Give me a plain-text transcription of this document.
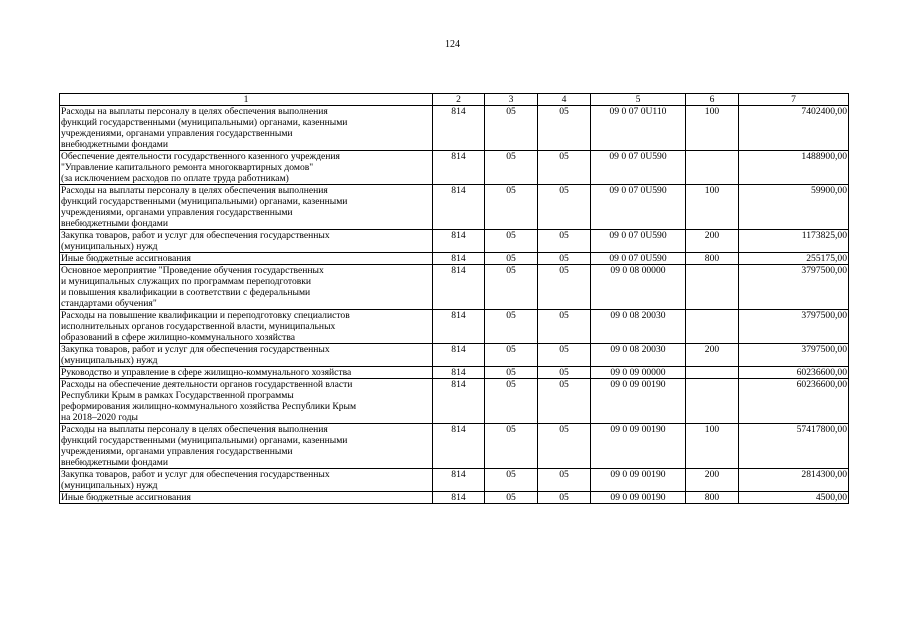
124
1	2	3	4	5	6	7

Расходы на выплаты персоналу в целях обеспечения выполнения
функций государственными (муниципальными) органами, казенными
учреждениями, органами управления государственными
внебюджетными фондами	814	05	05	09 0 07 0U110	100	7402400,00

Обеспечение деятельности государственного казенного учреждения
"Управление капитального ремонта многоквартирных домов"
(за исключением расходов по оплате труда работникам)	814	05	05	09 0 07 0U590		1488900,00

Расходы на выплаты персоналу в целях обеспечения выполнения
функций государственными (муниципальными) органами, казенными
учреждениями, органами управления государственными
внебюджетными фондами	814	05	05	09 0 07 0U590	100	59900,00

Закупка товаров, работ и услуг для обеспечения государственных
(муниципальных) нужд	814	05	05	09 0 07 0U590	200	1173825,00

Иные бюджетные ассигнования	814	05	05	09 0 07 0U590	800	255175,00

Основное мероприятие "Проведение обучения государственных
и муниципальных служащих по программам переподготовки
и повышения квалификации в соответствии с федеральными
стандартами обучения"	814	05	05	09 0 08 00000		3797500,00

Расходы на повышение квалификации и переподготовку специалистов
исполнительных органов государственной власти, муниципальных
образований в сфере жилищно-коммунального хозяйства	814	05	05	09 0 08 20030		3797500,00

Закупка товаров, работ и услуг для обеспечения государственных
(муниципальных) нужд	814	05	05	09 0 08 20030	200	3797500,00

Руководство и управление в сфере жилищно-коммунального хозяйства	814	05	05	09 0 09 00000		60236600,00

Расходы на обеспечение деятельности органов государственной власти
Республики Крым в рамках Государственной программы
реформирования жилищно-коммунального хозяйства Республики Крым
на 2018–2020 годы	814	05	05	09 0 09 00190		60236600,00

Расходы на выплаты персоналу в целях обеспечения выполнения
функций государственными (муниципальными) органами, казенными
учреждениями, органами управления государственными
внебюджетными фондами	814	05	05	09 0 09 00190	100	57417800,00

Закупка товаров, работ и услуг для обеспечения государственных
(муниципальных) нужд	814	05	05	09 0 09 00190	200	2814300,00

Иные бюджетные ассигнования	814	05	05	09 0 09 00190	800	4500,00
